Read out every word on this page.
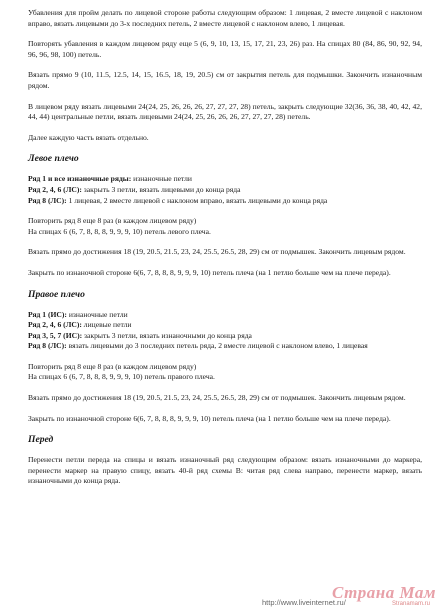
Убавления для пройм делать по лицевой стороне работы следующим образом: 1 лицевая, 2 вместе лицевой с наклоном вправо, вязать лицевыми до 3-х последних петель, 2 вместе лицевой с наклоном влево, 1 лицевая.

Повторять убавления в каждом лицевом ряду еще 5 (6, 9, 10, 13, 15, 17, 21, 23, 26) раз. На спицах 80 (84, 86, 90, 92, 94, 96, 96, 98, 100) петель.

Вязать прямо 9 (10, 11.5, 12.5, 14, 15, 16.5, 18, 19, 20.5) см от закрытия петель для подмышки. Закончить изнаночным рядом.

В лицевом ряду вязать лицевыми 24(24, 25, 26, 26, 26, 27, 27, 27, 28) петель, закрыть следующие 32(36, 36, 38, 40, 42, 42, 44, 44) центральные петли, вязать лицевыми 24(24, 25, 26, 26, 26, 27, 27, 27, 28) петель.

Далее каждую часть вязать отдельно.

Левое плечо
Ряд 1 и все изнаночные ряды: изнаночные петли
Ряд 2, 4, 6 (ЛС): закрыть 3 петли, вязать лицевыми до конца ряда
Ряд 8 (ЛС): 1 лицевая, 2 вместе лицевой с наклоном вправо, вязать лицевыми до конца ряда

Повторить ряд 8 еще 8 раз (в каждом лицевом ряду)
На спицах 6 (6, 7, 8, 8, 8, 9, 9, 9, 10) петель левого плеча.

Вязать прямо до достижения 18 (19, 20.5, 21.5, 23, 24, 25.5, 26.5, 28, 29) см от подмышек. Закончить лицевым рядом.

Закрыть по изнаночной стороне 6(6, 7, 8, 8, 8, 9, 9, 9, 10) петель плеча (на 1 петлю больше чем на плече переда).

Правое плечо
Ряд 1 (ИС): изнаночные петли
Ряд 2, 4, 6 (ЛС): лицевые петли
Ряд 3, 5, 7 (ИС): закрыть 3 петли, вязать изнаночными до конца ряда
Ряд 8 (ЛС): вязать лицевыми до 3 последних петель ряда, 2 вместе лицевой с наклоном влево, 1 лицевая

Повторить ряд 8 еще 8 раз (в каждом лицевом ряду)
На спицах 6 (6, 7, 8, 8, 8, 9, 9, 9, 10) петель правого плеча.

Вязать прямо до достижения 18 (19, 20.5, 21.5, 23, 24, 25.5, 26.5, 28, 29) см от подмышек. Закончить лицевым рядом.

Закрыть по изнаночной стороне 6(6, 7, 8, 8, 8, 9, 9, 9, 10) петель плеча (на 1 петлю больше чем на плече переда).

Перед

Перенести петли переда на спицы и вязать изнаночный ряд следующим образом: вязать изнаночными до маркера, перенести маркер на правую спицу, вязать 40-й ряд схемы В: читая ряд слева направо, перенести маркер, вязать изнаночными до конца ряда.

http://www.liveinternet.ru/
Страна Мам
Stranamam.ru
